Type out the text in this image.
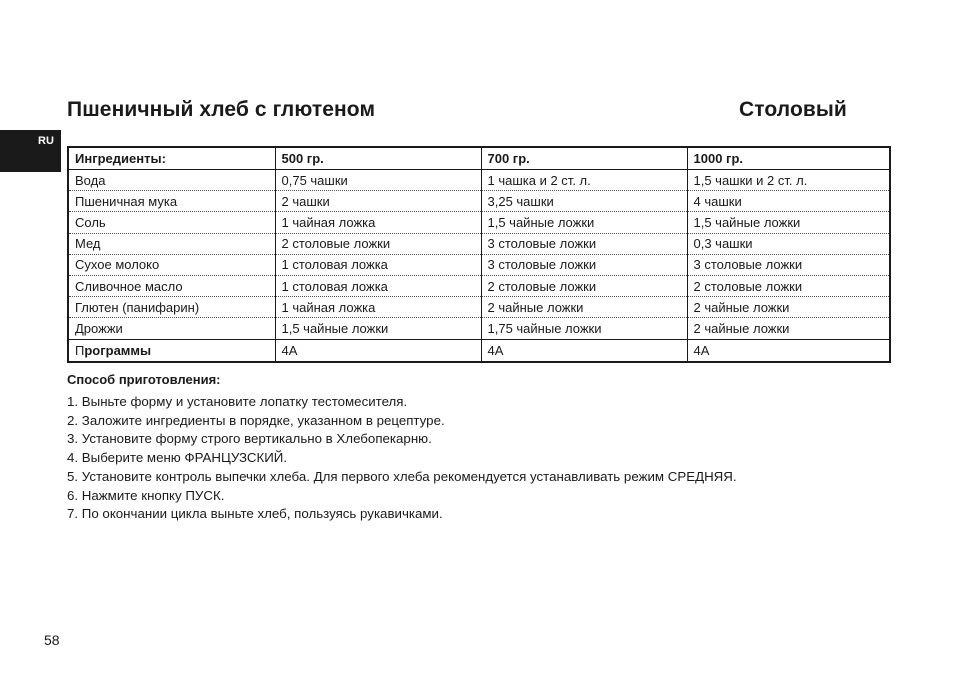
RU
Пшеничный хлеб с глютеном	Столовый
Ингредиенты:	500 гр.	700 гр.	1000 гр.
Вода	0,75 чашки	1 чашка и 2 ст. л.	1,5 чашки и 2 ст. л.
Пшеничная мука	2 чашки	3,25 чашки	4 чашки
Соль	1 чайная ложка	1,5 чайные ложки	1,5 чайные ложки
Мед	2 столовые ложки	3 столовые ложки	0,3 чашки
Сухое молоко	1 столовая ложка	3 столовые ложки	3 столовые ложки
Сливочное масло	1 столовая ложка	2 столовые ложки	2 столовые ложки
Глютен (панифарин)	1 чайная ложка	2 чайные ложки	2 чайные ложки
Дрожжи	1,5 чайные ложки	1,75 чайные ложки	2 чайные ложки
Программы	4A	4A	4A
Способ приготовления:
1. Выньте форму и установите лопатку тестомесителя.
2. Заложите ингредиенты в порядке, указанном в рецептуре.
3. Установите форму строго вертикально в Хлебопекарню.
4. Выберите меню ФРАНЦУЗСКИЙ.
5. Установите контроль выпечки хлеба. Для первого хлеба рекомендуется устанавливать режим СРЕДНЯЯ.
6. Нажмите кнопку ПУСК.
7. По окончании цикла выньте хлеб, пользуясь рукавичками.
58
